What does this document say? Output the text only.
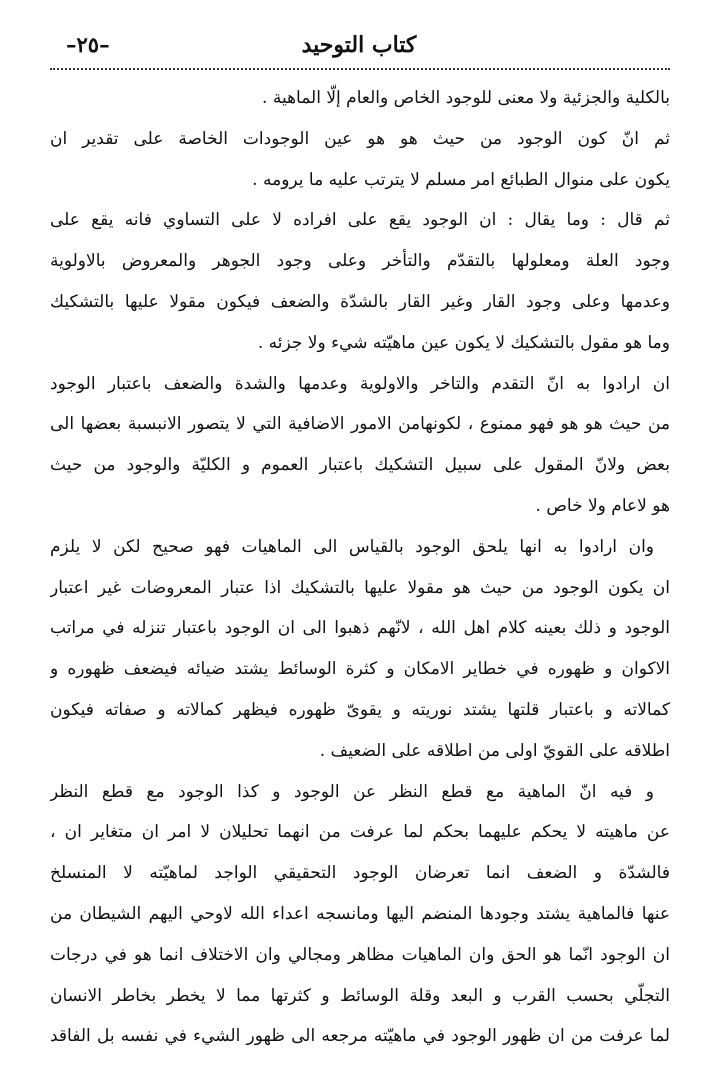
كتاب التوحيد
–٢٥–
بالكلية والجزئية ولا معنى للوجود الخاص والعام إلّا الماهية .
ثم انّ كون الوجود من حيث هو هو عين الوجودات الخاصة على تقدير ان
يكون على منوال الطبائع امر مسلم لا يترتب عليه ما يرومه .
ثم قال : وما يقال : ان الوجود يقع على افراده لا على التساوي فانه يقع على
وجود العلة ومعلولها بالتقدّم والتأخر وعلى وجود الجوهر والمعروض بالاولوية
وعدمها وعلى وجود القار وغير القار بالشدّة والضعف فيكون مقولا عليها بالتشكيك
وما هو مقول بالتشكيك لا يكون عين ماهيّته شيء ولا جزئه .
ان ارادوا به انّ التقدم والتاخر والاولوية وعدمها والشدة والضعف باعتبار الوجود
من حيث هو هو فهو ممنوع ، لكونهامن الامور الاضافية التي لا يتصور الانبسبة بعضها الى
بعض ولانّ المقول على سبيل التشكيك باعتبار العموم و الكليّة والوجود من حيث
هو لاعام ولا خاص .
وان ارادوا به انها يلحق الوجود بالقياس الى الماهيات فهو صحيح لكن لا يلزم
ان يكون الوجود من حيث هو مقولا عليها بالتشكيك اذا عتبار المعروضات غير اعتبار
الوجود و ذلك بعينه كلام اهل الله ، لانّهم ذهبوا الى ان الوجود باعتبار تنزله في مراتب
الاكوان و ظهوره في خطاير الامكان و كثرة الوسائط يشتد ضيائه فيضعف ظهوره و
كمالاته و باعتبار قلتها يشتد نوريته و يقوىّ ظهوره فيظهر كمالاته و صفاته فيكون
اطلاقه على القويّ اولى من اطلاقه على الضعيف .
و فيه انّ الماهية مع قطع النظر عن الوجود و كذا الوجود مع قطع النظر
عن ماهيته لا يحكم عليهما بحكم لما عرفت من انهما تحليلان لا امر ان متغاير ان ،
فالشدّة و الضعف انما تعرضان الوجود التحقيقي الواجد لماهيّته لا المنسلخ
عنها فالماهية يشتد وجودها المنضم اليها ومانسجه اعداء الله لاوحي اليهم الشيطان من
ان الوجود انّما هو الحق وان الماهيات مظاهر ومجالي وان الاختلاف انما هو في درجات
التجلّي بحسب القرب و البعد وقلة الوسائط و كثرتها مما لا يخطر بخاطر الانسان
لما عرفت من ان ظهور الوجود في ماهيّته مرجعه الى ظهور الشيء في نفسه بل الفاقد
